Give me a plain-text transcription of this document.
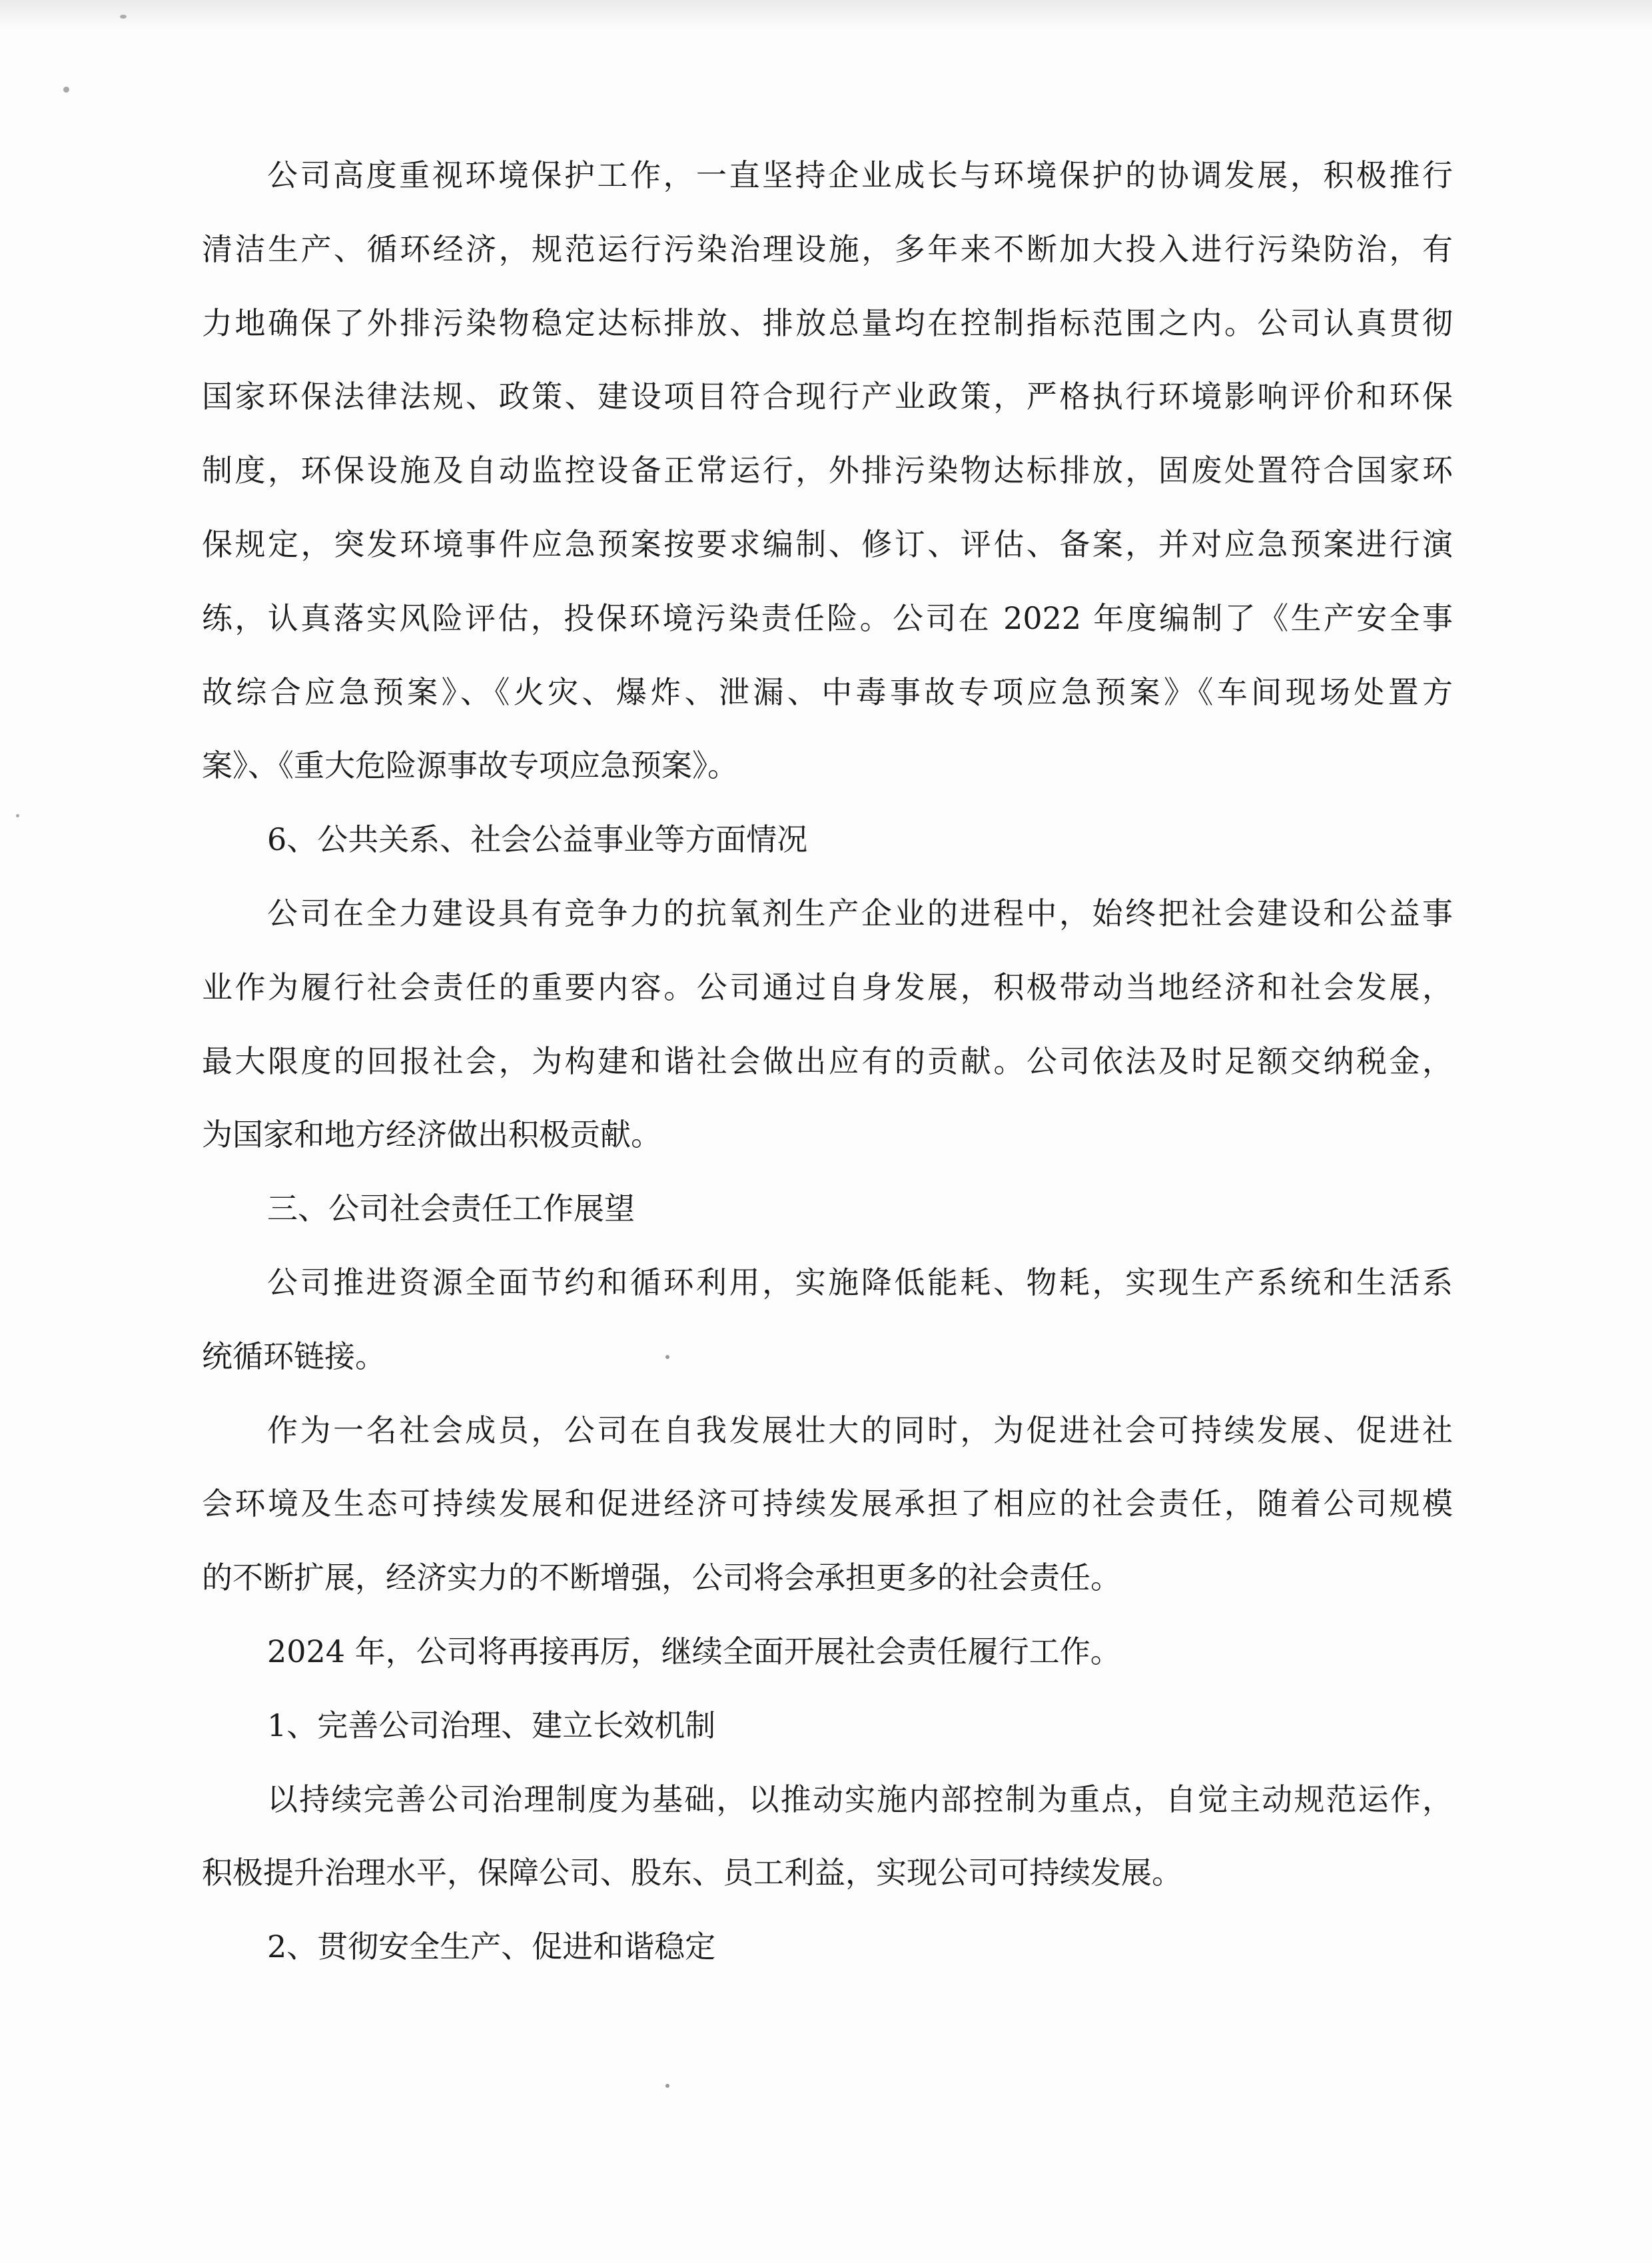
公司高度重视环境保护工作，一直坚持企业成长与环境保护的协调发展，积极推行
清洁生产、循环经济，规范运行污染治理设施，多年来不断加大投入进行污染防治，有
力地确保了外排污染物稳定达标排放、排放总量均在控制指标范围之内。公司认真贯彻
国家环保法律法规、政策、建设项目符合现行产业政策，严格执行环境影响评价和环保
制度，环保设施及自动监控设备正常运行，外排污染物达标排放，固废处置符合国家环
保规定，突发环境事件应急预案按要求编制、修订、评估、备案，并对应急预案进行演
练，认真落实风险评估，投保环境污染责任险。公司在 2022 年度编制了《生产安全事
故综合应急预案》、《火灾、爆炸、泄漏、中毒事故专项应急预案》《车间现场处置方
案》、《重大危险源事故专项应急预案》。
6、公共关系、社会公益事业等方面情况
公司在全力建设具有竞争力的抗氧剂生产企业的进程中，始终把社会建设和公益事
业作为履行社会责任的重要内容。公司通过自身发展，积极带动当地经济和社会发展，
最大限度的回报社会，为构建和谐社会做出应有的贡献。公司依法及时足额交纳税金，
为国家和地方经济做出积极贡献。
三、公司社会责任工作展望
公司推进资源全面节约和循环利用，实施降低能耗、物耗，实现生产系统和生活系
统循环链接。
作为一名社会成员，公司在自我发展壮大的同时，为促进社会可持续发展、促进社
会环境及生态可持续发展和促进经济可持续发展承担了相应的社会责任，随着公司规模
的不断扩展，经济实力的不断增强，公司将会承担更多的社会责任。
2024 年，公司将再接再厉，继续全面开展社会责任履行工作。
1、完善公司治理、建立长效机制
以持续完善公司治理制度为基础，以推动实施内部控制为重点，自觉主动规范运作，
积极提升治理水平，保障公司、股东、员工利益，实现公司可持续发展。
2、贯彻安全生产、促进和谐稳定
